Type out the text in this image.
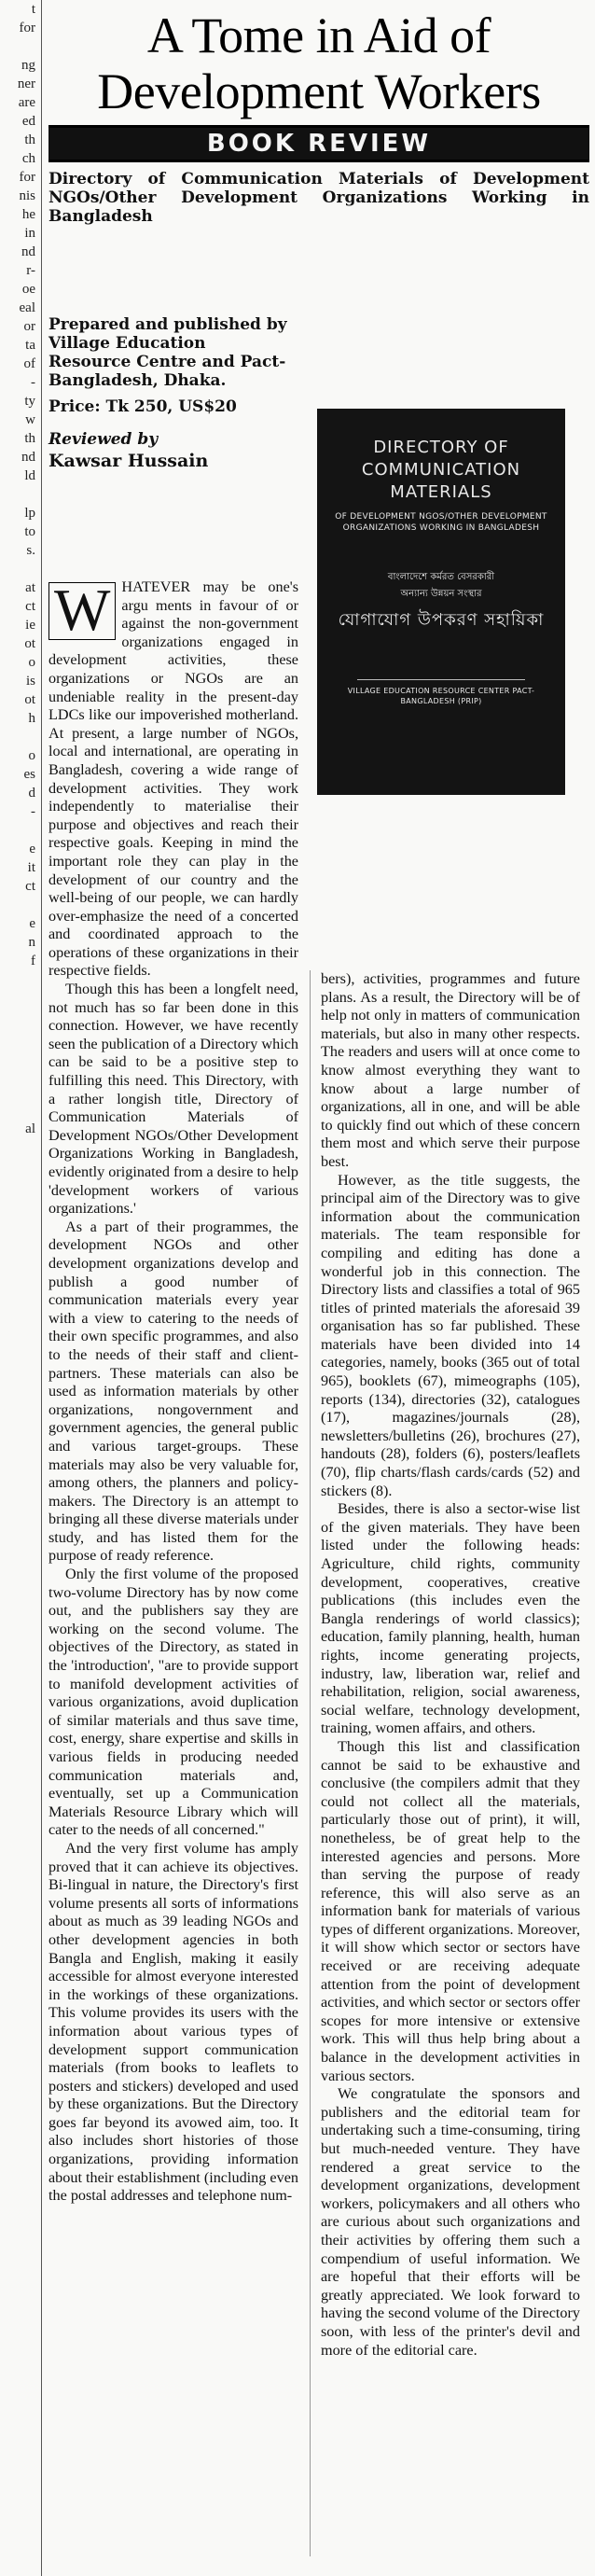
t
for

ng
ner
are
ed
th
ch
for
nis
he
in
nd
r-
oe
eal
or
ta
of
-
ty
w
th
nd
ld

lp
to
s.

at
ct
ie
ot
o
is
ot
h

o
es
d
-

e
it
ct

e
n
f

al

A Tome in Aid of Development Workers
BOOK REVIEW
Directory of Communication Materials of Development NGOs/Other Development Organizations Working in Bangladesh
Prepared and published by Village Education Resource Centre and Pact-Bangladesh, Dhaka.
Price: Tk 250, US$20
Reviewed by
Kawsar Hussain
DIRECTORY OF COMMUNICATION MATERIALS
OF DEVELOPMENT NGOS/OTHER DEVELOPMENT ORGANIZATIONS WORKING IN BANGLADESH
বাংলাদেশে কর্মরত বেসরকারী
অন্যান্য উন্নয়ন সংস্থার
যোগাযোগ উপকরণ সহায়িকা
VILLAGE EDUCATION RESOURCE CENTER PACT-BANGLADESH (PRIP)
W HATEVER may be one's argu ments in favour of or against the non-government organizations engaged in development activities, these organizations or NGOs are an undeniable reality in the present-day LDCs like our impoverished motherland. At present, a large number of NGOs, local and international, are operating in Bangladesh, covering a wide range of development activities. They work independently to materialise their purpose and objectives and reach their respective goals. Keeping in mind the important role they can play in the development of our country and the well-being of our people, we can hardly over-emphasize the need of a concerted and coordinated approach to the operations of these organizations in their respective fields.

Though this has been a longfelt need, not much has so far been done in this connection. However, we have recently seen the publication of a Directory which can be said to be a positive step to fulfilling this need. This Directory, with a rather longish title, Directory of Communication Materials of Development NGOs/Other Development Organizations Working in Bangladesh, evidently originated from a desire to help 'development workers of various organizations.'

As a part of their programmes, the development NGOs and other development organizations develop and publish a good number of communication materials every year with a view to catering to the needs of their own specific programmes, and also to the needs of their staff and client-partners. These materials can also be used as information materials by other organizations, nongovernment and government agencies, the general public and various target-groups. These materials may also be very valuable for, among others, the planners and policy-makers. The Directory is an attempt to bringing all these diverse materials under study, and has listed them for the purpose of ready reference.

Only the first volume of the proposed two-volume Directory has by now come out, and the publishers say they are working on the second volume. The objectives of the Directory, as stated in the 'introduction', "are to provide support to manifold development activities of various organizations, avoid duplication of similar materials and thus save time, cost, energy, share expertise and skills in various fields in producing needed communication materials and, eventually, set up a Communication Materials Resource Library which will cater to the needs of all concerned."

And the very first volume has amply proved that it can achieve its objectives. Bi-lingual in nature, the Directory's first volume presents all sorts of informations about as much as 39 leading NGOs and other development agencies in both Bangla and English, making it easily accessible for almost everyone interested in the workings of these organizations. This volume provides its users with the information about various types of development support communication materials (from books to leaflets to posters and stickers) developed and used by these organizations. But the Directory goes far beyond its avowed aim, too. It also includes short histories of those organizations, providing information about their establishment (including even the postal addresses and telephone num-

bers), activities, programmes and future plans. As a result, the Directory will be of help not only in matters of communication materials, but also in many other respects. The readers and users will at once come to know almost everything they want to know about a large number of organizations, all in one, and will be able to quickly find out which of these concern them most and which serve their purpose best.

However, as the title suggests, the principal aim of the Directory was to give information about the communication materials. The team responsible for compiling and editing has done a wonderful job in this connection. The Directory lists and classifies a total of 965 titles of printed materials the aforesaid 39 organisation has so far published. These materials have been divided into 14 categories, namely, books (365 out of total 965), booklets (67), mimeographs (105), reports (134), directories (32), catalogues (17), magazines/journals (28), newsletters/bulletins (26), brochures (27), handouts (28), folders (6), posters/leaflets (70), flip charts/flash cards/cards (52) and stickers (8).

Besides, there is also a sector-wise list of the given materials. They have been listed under the following heads: Agriculture, child rights, community development, cooperatives, creative publications (this includes even the Bangla renderings of world classics); education, family planning, health, human rights, income generating projects, industry, law, liberation war, relief and rehabilitation, religion, social awareness, social welfare, technology development, training, women affairs, and others.

Though this list and classification cannot be said to be exhaustive and conclusive (the compilers admit that they could not collect all the materials, particularly those out of print), it will, nonetheless, be of great help to the interested agencies and persons. More than serving the purpose of ready reference, this will also serve as an information bank for materials of various types of different organizations. Moreover, it will show which sector or sectors have received or are receiving adequate attention from the point of development activities, and which sector or sectors offer scopes for more intensive or extensive work. This will thus help bring about a balance in the development activities in various sectors.

We congratulate the sponsors and publishers and the editorial team for undertaking such a time-consuming, tiring but much-needed venture. They have rendered a great service to the development organizations, development workers, policymakers and all others who are curious about such organizations and their activities by offering them such a compendium of useful information. We are hopeful that their efforts will be greatly appreciated. We look forward to having the second volume of the Directory soon, with less of the printer's devil and more of the editorial care.
